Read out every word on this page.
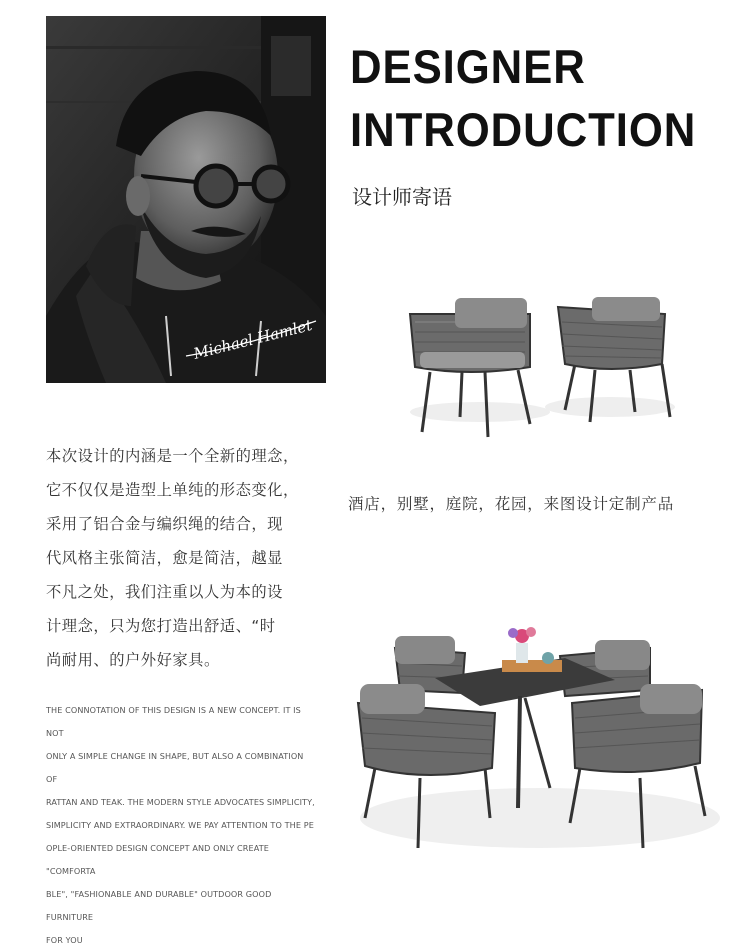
Michael Hamlet
DESIGNER
INTRODUCTION
设计师寄语
本次设计的内涵是一个全新的理念，
它不仅仅是造型上单纯的形态变化，
采用了铝合金与编织绳的结合，现
代风格主张简洁，愈是简洁，越显
不凡之处，我们注重以人为本的设
计理念，只为您打造出舒适、“时
尚耐用、的户外好家具。
酒店，别墅，庭院，花园，来图设计定制产品
THE CONNOTATION OF THIS DESIGN IS A NEW CONCEPT. IT IS NOT
ONLY A SIMPLE CHANGE IN SHAPE, BUT ALSO A COMBINATION OF
RATTAN AND TEAK. THE MODERN STYLE ADVOCATES SIMPLICITY,
SIMPLICITY AND EXTRAORDINARY. WE PAY ATTENTION TO THE PE
OPLE-ORIENTED DESIGN CONCEPT AND ONLY CREATE "COMFORTA
BLE", "FASHIONABLE AND DURABLE" OUTDOOR GOOD FURNITURE
FOR YOU
